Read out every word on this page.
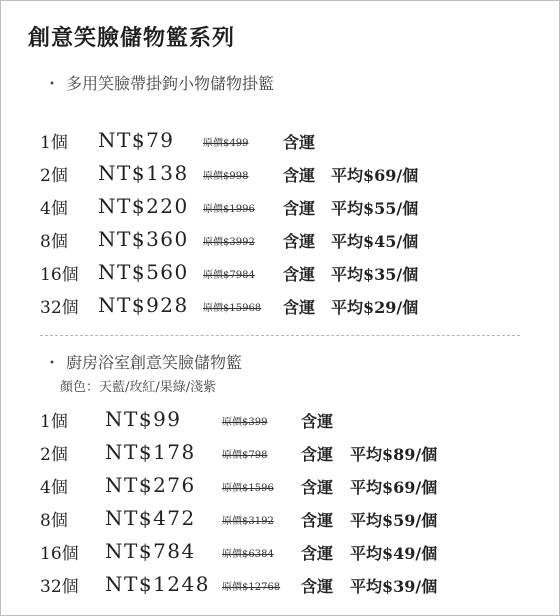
創意笑臉儲物籃系列
・ 多用笑臉帶掛鉤小物儲物掛籃
1個 NT$79	原價$499 含運
2個 NT$138 原價$998 含運 平均$69/個
4個 NT$220 原價$1996 含運 平均$55/個
8個 NT$360 原價$3992 含運 平均$45/個
16個 NT$560 原價$7984 含運 平均$35/個
32個 NT$928 原價$15968 含運 平均$29/個
・ 廚房浴室創意笑臉儲物籃
顏色：天藍/玫紅/果綠/淺紫
1個 NT$99	原價$399 含運
2個 NT$178	原價$798 含運 平均$89/個
4個 NT$276	原價$1596 含運 平均$69/個
8個 NT$472	原價$3192 含運 平均$59/個
16個 NT$784	原價$6384 含運 平均$49/個
32個 NT$1248 原價$12768 含運 平均$39/個
